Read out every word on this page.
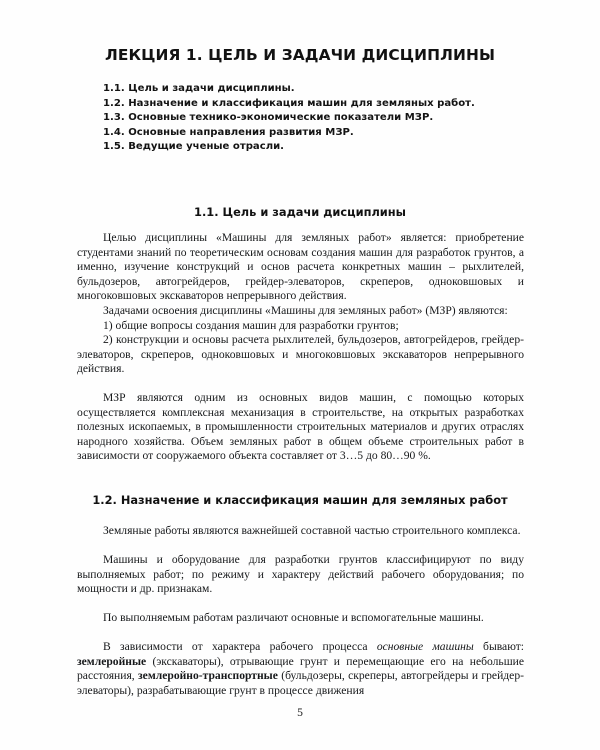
ЛЕКЦИЯ 1. ЦЕЛЬ И ЗАДАЧИ ДИСЦИПЛИНЫ
1.1. Цель и задачи дисциплины.
1.2. Назначение и классификация машин для земляных работ.
1.3. Основные технико-экономические показатели МЗР.
1.4. Основные направления развития МЗР.
1.5. Ведущие ученые отрасли.
1.1. Цель и задачи дисциплины

Целью дисциплины «Машины для земляных работ» является: приобретение студентами знаний по теоретическим основам создания машин для разработок грунтов, а именно, изучение конструкций и основ расчета конкретных машин – рыхлителей, бульдозеров, автогрейдеров, грейдер-элеваторов, скреперов, одноковшовых и многоковшовых экскаваторов непрерывного действия.

Задачами освоения дисциплины «Машины для земляных работ» (МЗР) являются:

1) общие вопросы создания машин для разработки грунтов;

2) конструкции и основы расчета рыхлителей, бульдозеров, автогрейдеров, грейдер-элеваторов, скреперов, одноковшовых и многоковшовых экскаваторов непрерывного действия.

МЗР являются одним из основных видов машин, с помощью которых осуществляется комплексная механизация в строительстве, на открытых разработках полезных ископаемых, в промышленности строительных материалов и других отраслях народного хозяйства. Объем земляных работ в общем объеме строительных работ в зависимости от сооружаемого объекта составляет от 3…5 до 80…90 %.

1.2. Назначение и классификация машин для земляных работ

Земляные работы являются важнейшей составной частью строительного комплекса.

Машины и оборудование для разработки грунтов классифицируют по виду выполняемых работ; по режиму и характеру действий рабочего оборудования; по мощности и др. признакам.

По выполняемым работам различают основные и вспомогательные машины.

В зависимости от характера рабочего процесса основные машины бывают: землеройные (экскаваторы), отрывающие грунт и перемещающие его на небольшие расстояния, землеройно-транспортные (бульдозеры, скреперы, автогрейдеры и грейдер-элеваторы), разрабатывающие грунт в процессе движения

5
